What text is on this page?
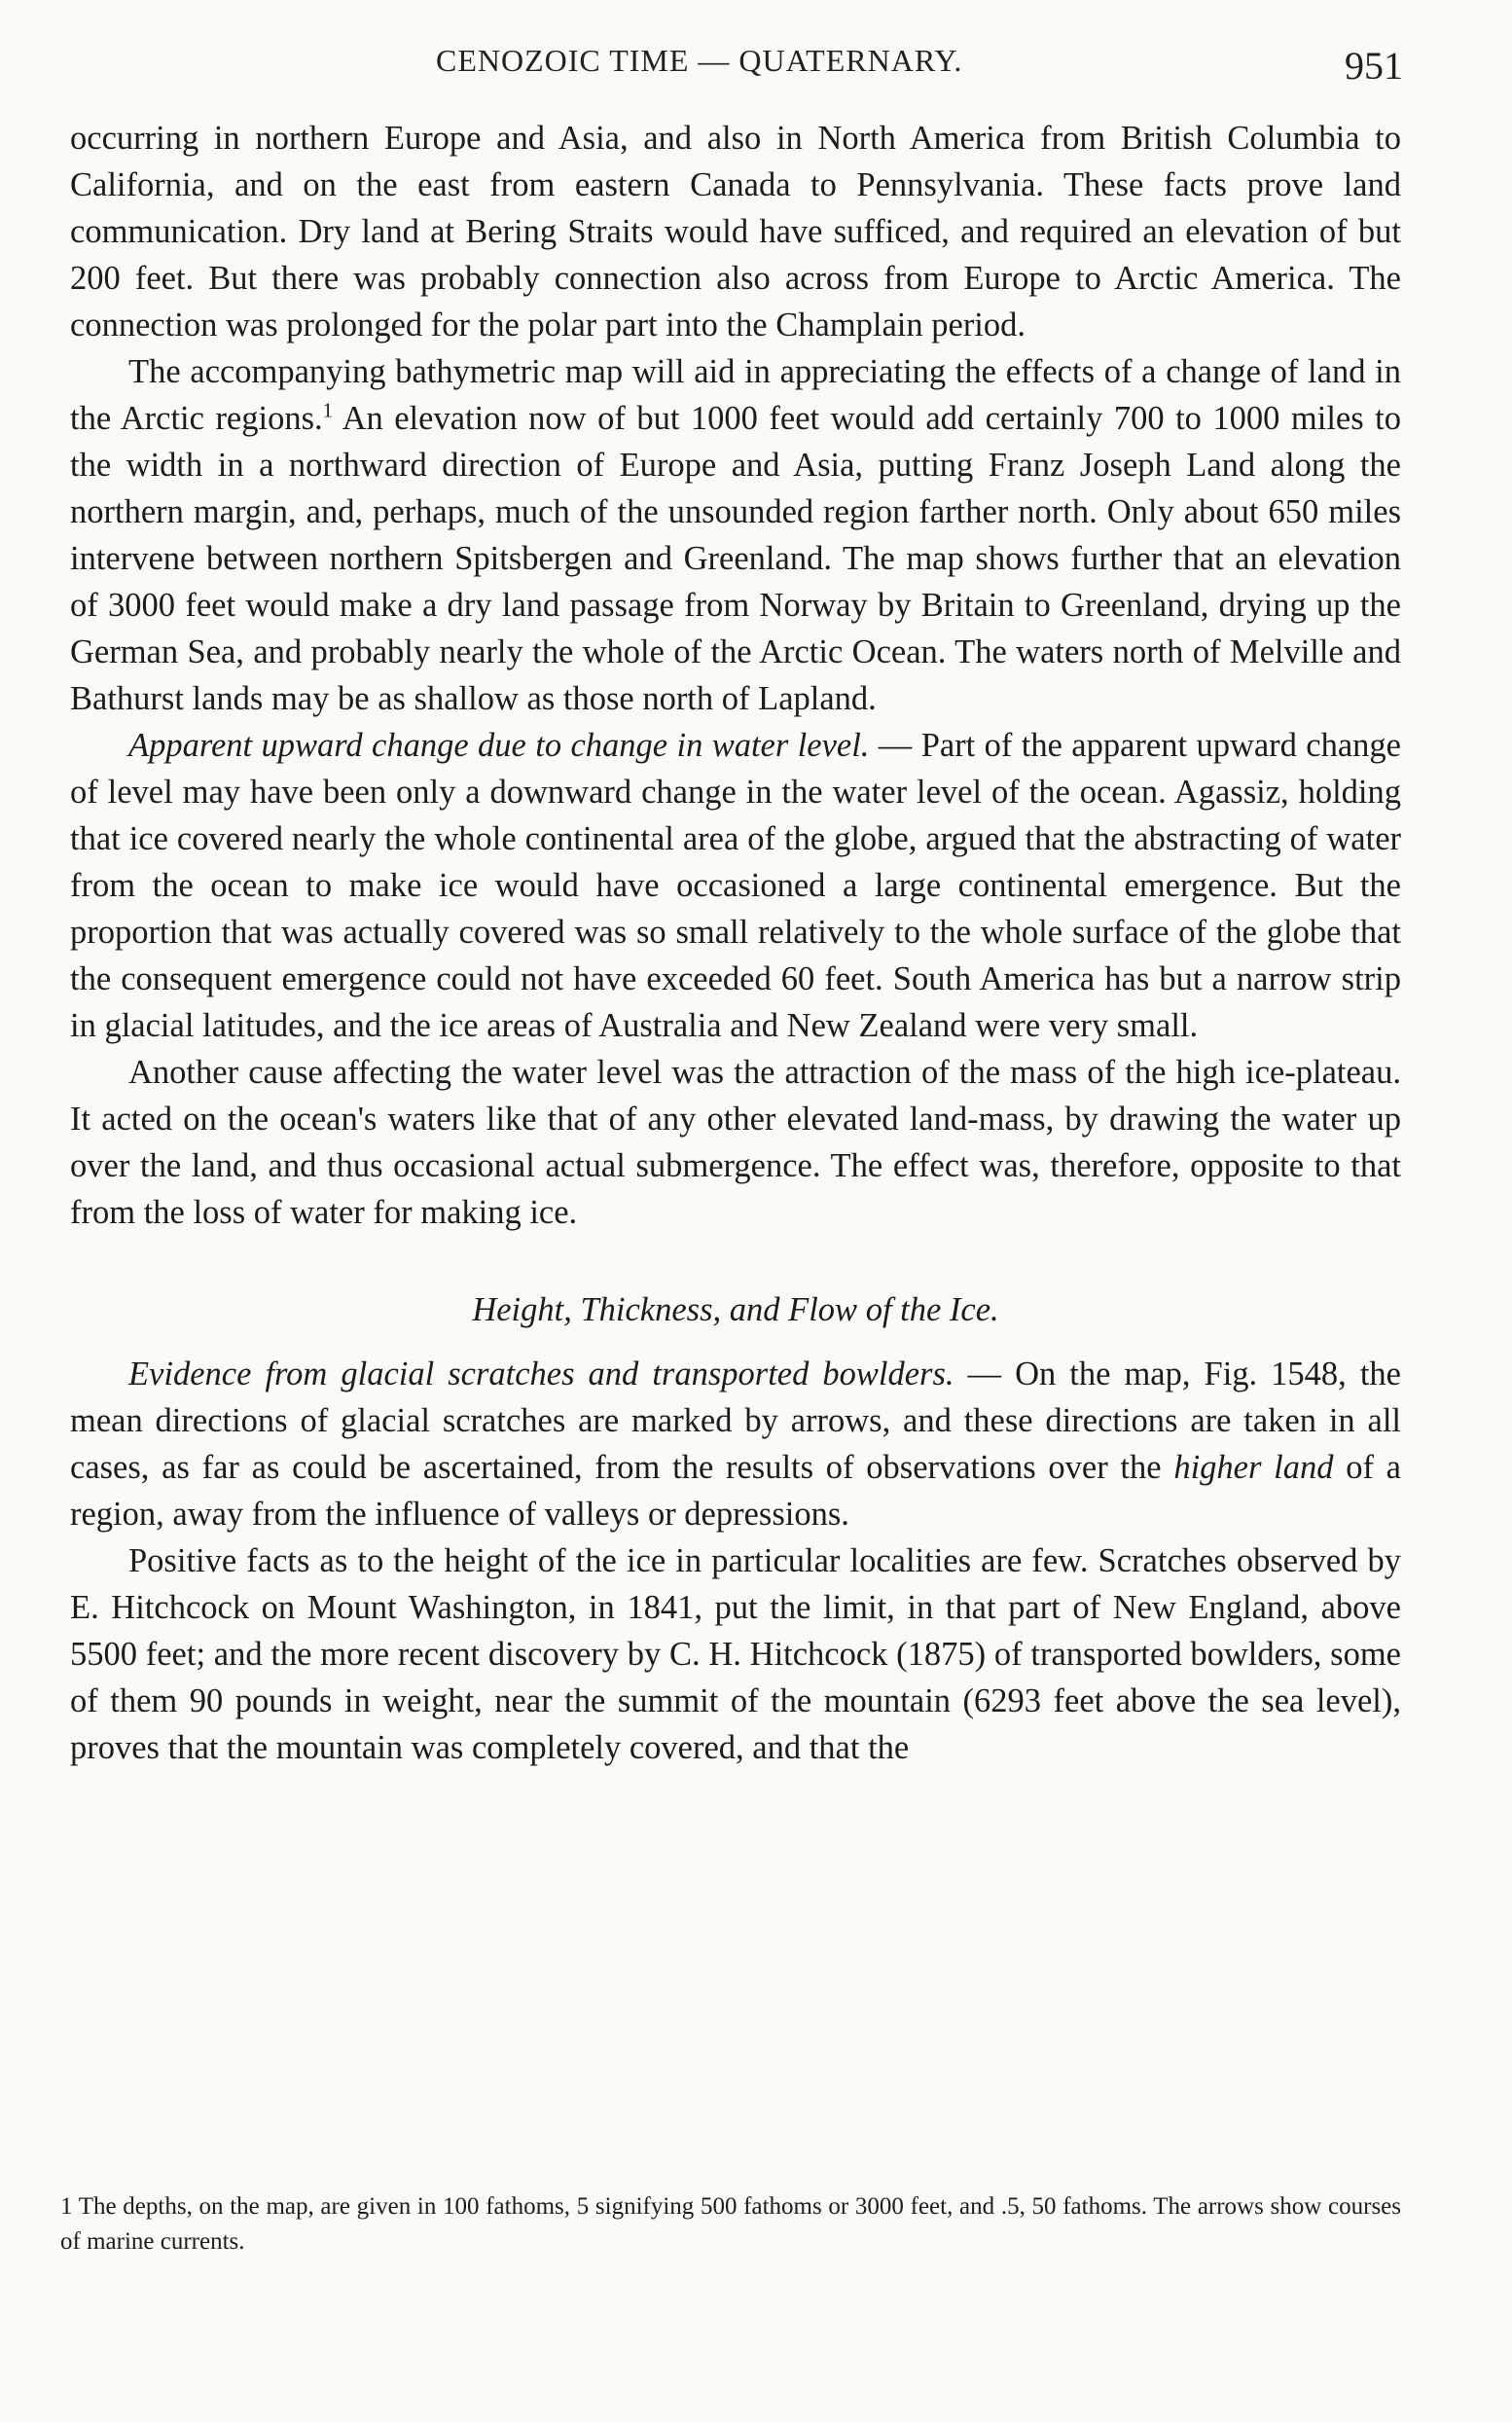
CENOZOIC TIME — QUATERNARY.	951

occurring in northern Europe and Asia, and also in North America from British Columbia to California, and on the east from eastern Canada to Pennsylvania. These facts prove land communication. Dry land at Bering Straits would have sufficed, and required an elevation of but 200 feet. But there was probably connection also across from Europe to Arctic America. The connection was prolonged for the polar part into the Champlain period.

The accompanying bathymetric map will aid in appreciating the effects of a change of land in the Arctic regions.$^1$ An elevation now of but 1000 feet would add certainly 700 to 1000 miles to the width in a northward direction of Europe and Asia, putting Franz Joseph Land along the northern margin, and, perhaps, much of the unsounded region farther north. Only about 650 miles intervene between northern Spitsbergen and Greenland. The map shows further that an elevation of 3000 feet would make a dry land passage from Norway by Britain to Greenland, drying up the German Sea, and probably nearly the whole of the Arctic Ocean. The waters north of Melville and Bathurst lands may be as shallow as those north of Lapland.

Apparent upward change due to change in water level. — Part of the apparent upward change of level may have been only a downward change in the water level of the ocean. Agassiz, holding that ice covered nearly the whole continental area of the globe, argued that the abstracting of water from the ocean to make ice would have occasioned a large continental emergence. But the proportion that was actually covered was so small relatively to the whole surface of the globe that the consequent emergence could not have exceeded 60 feet. South America has but a narrow strip in glacial latitudes, and the ice areas of Australia and New Zealand were very small.

Another cause affecting the water level was the attraction of the mass of the high ice-plateau. It acted on the ocean's waters like that of any other elevated land-mass, by drawing the water up over the land, and thus occasional actual submergence. The effect was, therefore, opposite to that from the loss of water for making ice.

Height, Thickness, and Flow of the Ice.

Evidence from glacial scratches and transported bowlders. — On the map, Fig. 1548, the mean directions of glacial scratches are marked by arrows, and these directions are taken in all cases, as far as could be ascertained, from the results of observations over the higher land of a region, away from the influence of valleys or depressions.

Positive facts as to the height of the ice in particular localities are few. Scratches observed by E. Hitchcock on Mount Washington, in 1841, put the limit, in that part of New England, above 5500 feet; and the more recent discovery by C. H. Hitchcock (1875) of transported bowlders, some of them 90 pounds in weight, near the summit of the mountain (6293 feet above the sea level), proves that the mountain was completely covered, and that the

1 The depths, on the map, are given in 100 fathoms, 5 signifying 500 fathoms or 3000 feet, and .5, 50 fathoms. The arrows show courses of marine currents.
